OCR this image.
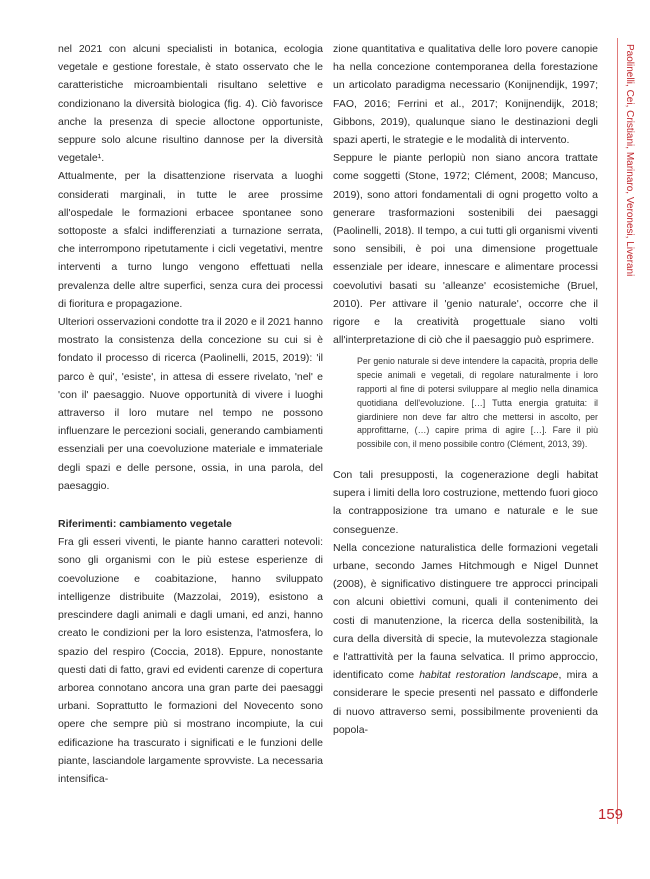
Paolinelli, Cei, Cristiani, Marinaro, Veronesi, Liverani
159

nel 2021 con alcuni specialisti in botanica, ecologia vegetale e gestione forestale, è stato osservato che le caratteristiche microambientali risultano selettive e condizionano la diversità biologica (fig. 4). Ciò favorisce anche la presenza di specie alloctone opportuniste, seppure solo alcune risultino dannose per la diversità vegetale¹.

Attualmente, per la disattenzione riservata a luoghi considerati marginali, in tutte le aree prossime all'ospedale le formazioni erbacee spontanee sono sottoposte a sfalci indifferenziati a turnazione serrata, che interrompono ripetutamente i cicli vegetativi, mentre interventi a turno lungo vengono effettuati nella prevalenza delle altre superfici, senza cura dei processi di fioritura e propagazione.

Ulteriori osservazioni condotte tra il 2020 e il 2021 hanno mostrato la consistenza della concezione su cui si è fondato il processo di ricerca (Paolinelli, 2015, 2019): 'il parco è qui', 'esiste', in attesa di essere rivelato, 'nel' e 'con il' paesaggio. Nuove opportunità di vivere i luoghi attraverso il loro mutare nel tempo ne possono influenzare le percezioni sociali, generando cambiamenti essenziali per una coevoluzione materiale e immateriale degli spazi e delle persone, ossia, in una parola, del paesaggio.

Riferimenti: cambiamento vegetale

Fra gli esseri viventi, le piante hanno caratteri notevoli: sono gli organismi con le più estese esperienze di coevoluzione e coabitazione, hanno sviluppato intelligenze distribuite (Mazzolai, 2019), esistono a prescindere dagli animali e dagli umani, ed anzi, hanno creato le condizioni per la loro esistenza, l'atmosfera, lo spazio del respiro (Coccia, 2018). Eppure, nonostante questi dati di fatto, gravi ed evidenti carenze di copertura arborea connotano ancora una gran parte dei paesaggi urbani. Soprattutto le formazioni del Novecento sono opere che sempre più si mostrano incompiute, la cui edificazione ha trascurato i significati e le funzioni delle piante, lasciandole largamente sprovviste. La necessaria intensifica-

zione quantitativa e qualitativa delle loro povere canopie ha nella concezione contemporanea della forestazione un articolato paradigma necessario (Konijnendijk, 1997; FAO, 2016; Ferrini et al., 2017; Konijnendijk, 2018; Gibbons, 2019), qualunque siano le destinazioni degli spazi aperti, le strategie e le modalità di intervento.

Seppure le piante perlopiù non siano ancora trattate come soggetti (Stone, 1972; Clément, 2008; Mancuso, 2019), sono attori fondamentali di ogni progetto volto a generare trasformazioni sostenibili dei paesaggi (Paolinelli, 2018). Il tempo, a cui tutti gli organismi viventi sono sensibili, è poi una dimensione progettuale essenziale per ideare, innescare e alimentare processi coevolutivi basati su 'alleanze' ecosistemiche (Bruel, 2010). Per attivare il 'genio naturale', occorre che il rigore e la creatività progettuale siano volti all'interpretazione di ciò che il paesaggio può esprimere.

Per genio naturale si deve intendere la capacità, propria delle specie animali e vegetali, di regolare naturalmente i loro rapporti al fine di potersi sviluppare al meglio nella dinamica quotidiana dell'evoluzione. […] Tutta energia gratuita: il giardiniere non deve far altro che mettersi in ascolto, per approfittarne, (…) capire prima di agire […]. Fare il più possibile con, il meno possibile contro (Clément, 2013, 39).

Con tali presupposti, la cogenerazione degli habitat supera i limiti della loro costruzione, mettendo fuori gioco la contrapposizione tra umano e naturale e le sue conseguenze.

Nella concezione naturalistica delle formazioni vegetali urbane, secondo James Hitchmough e Nigel Dunnet (2008), è significativo distinguere tre approcci principali con alcuni obiettivi comuni, quali il contenimento dei costi di manutenzione, la ricerca della sostenibilità, la cura della diversità di specie, la mutevolezza stagionale e l'attrattività per la fauna selvatica. Il primo approccio, identificato come habitat restoration landscape, mira a considerare le specie presenti nel passato e diffonderle di nuovo attraverso semi, possibilmente provenienti da popola-
